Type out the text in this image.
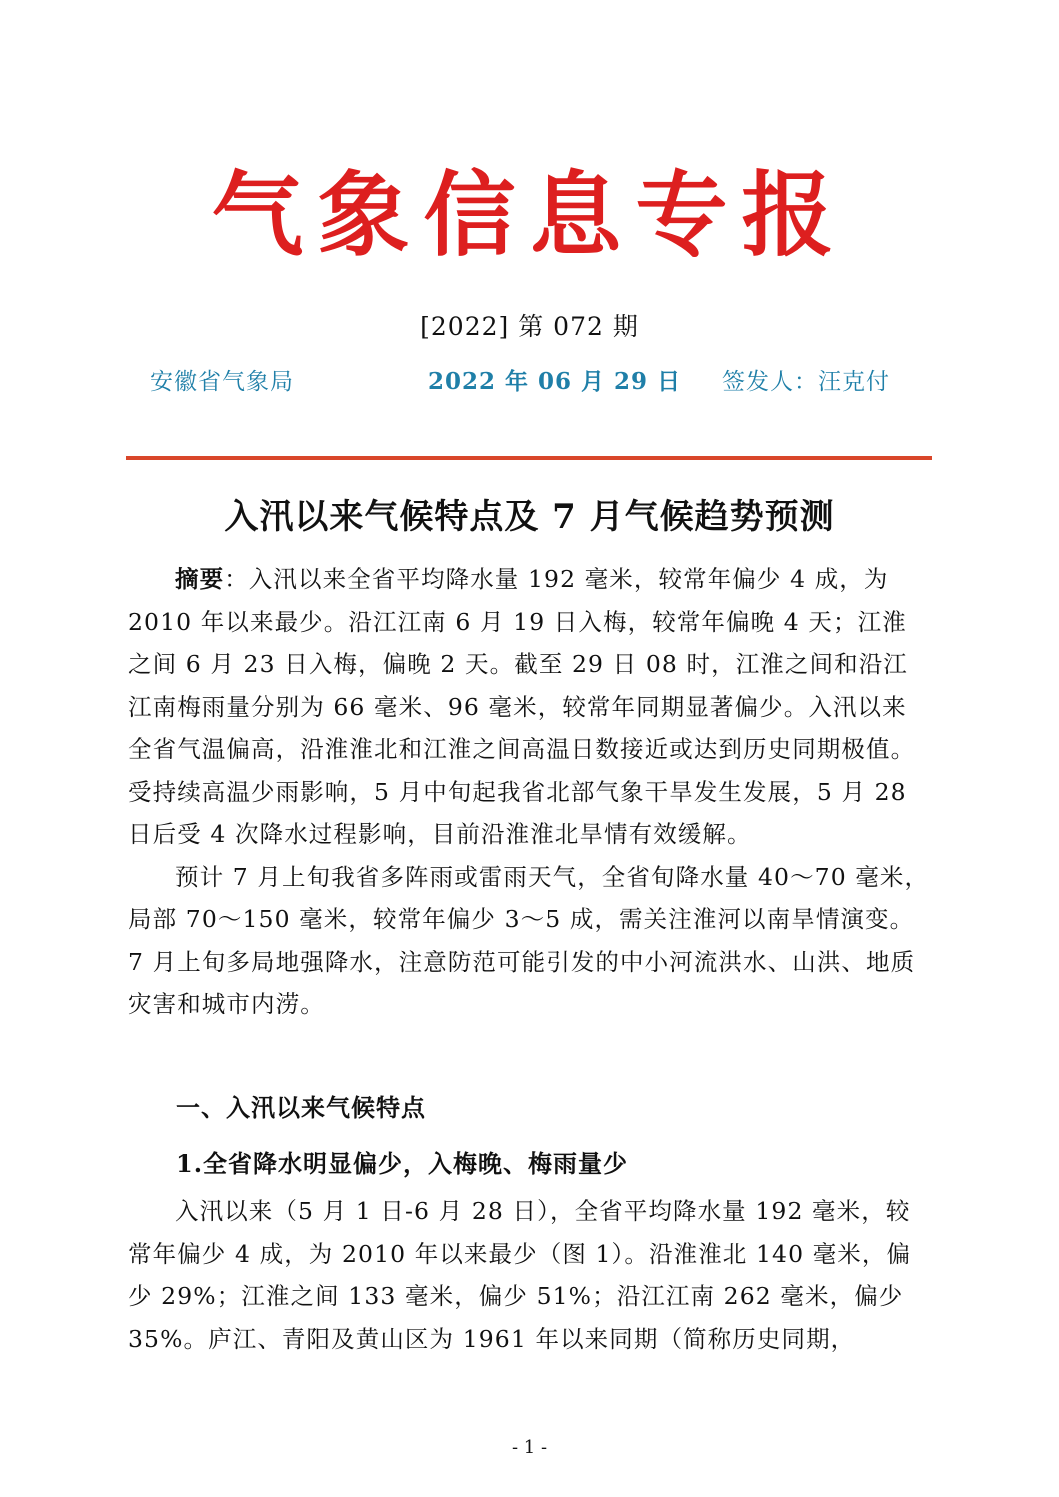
气象信息专报
[2022] 第 072 期
安徽省气象局	2022 年 06 月 29 日 签发人：汪克付
入汛以来气候特点及 7 月气候趋势预测

摘要：入汛以来全省平均降水量 192 毫米，较常年偏少 4 成，为 2010 年以来最少。沿江江南 6 月 19 日入梅，较常年偏晚 4 天；江淮之间 6 月 23 日入梅，偏晚 2 天。截至 29 日 08 时，江淮之间和沿江江南梅雨量分别为 66 毫米、96 毫米，较常年同期显著偏少。入汛以来全省气温偏高，沿淮淮北和江淮之间高温日数接近或达到历史同期极值。受持续高温少雨影响，5 月中旬起我省北部气象干旱发生发展，5 月 28 日后受 4 次降水过程影响，目前沿淮淮北旱情有效缓解。

预计 7 月上旬我省多阵雨或雷雨天气，全省旬降水量 40～70 毫米，局部 70～150 毫米，较常年偏少 3～5 成，需关注淮河以南旱情演变。7 月上旬多局地强降水，注意防范可能引发的中小河流洪水、山洪、地质灾害和城市内涝。

一、入汛以来气候特点
1.全省降水明显偏少，入梅晚、梅雨量少

入汛以来（5 月 1 日-6 月 28 日），全省平均降水量 192 毫米，较常年偏少 4 成，为 2010 年以来最少（图 1）。沿淮淮北 140 毫米，偏少 29%；江淮之间 133 毫米，偏少 51%；沿江江南 262 毫米，偏少 35%。庐江、青阳及黄山区为 1961 年以来同期（简称历史同期，

- 1 -
